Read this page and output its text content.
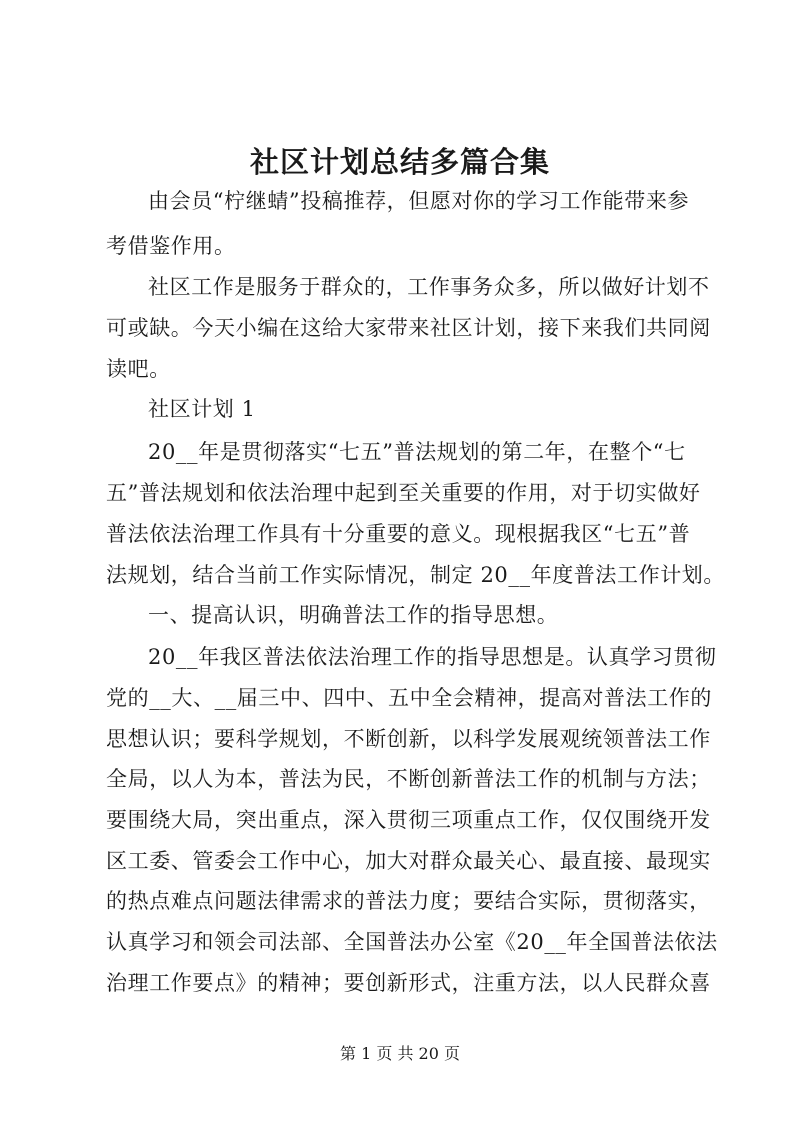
社区计划总结多篇合集
由会员“柠继蜻”投稿推荐，但愿对你的学习工作能带来参
考借鉴作用。
社区工作是服务于群众的，工作事务众多，所以做好计划不
可或缺。今天小编在这给大家带来社区计划，接下来我们共同阅
读吧。
社区计划 1
20__年是贯彻落实“七五”普法规划的第二年，在整个“七
五”普法规划和依法治理中起到至关重要的作用，对于切实做好
普法依法治理工作具有十分重要的意义。现根据我区“七五”普
法规划，结合当前工作实际情况，制定 20__年度普法工作计划。
一、提高认识，明确普法工作的指导思想。
20__年我区普法依法治理工作的指导思想是。认真学习贯彻
党的__大、__届三中、四中、五中全会精神，提高对普法工作的
思想认识；要科学规划，不断创新，以科学发展观统领普法工作
全局，以人为本，普法为民，不断创新普法工作的机制与方法；
要围绕大局，突出重点，深入贯彻三项重点工作，仅仅围绕开发
区工委、管委会工作中心，加大对群众最关心、最直接、最现实
的热点难点问题法律需求的普法力度；要结合实际，贯彻落实，
认真学习和领会司法部、全国普法办公室《20__年全国普法依法
治理工作要点》的精神；要创新形式，注重方法，以人民群众喜
第 1 页 共 20 页
